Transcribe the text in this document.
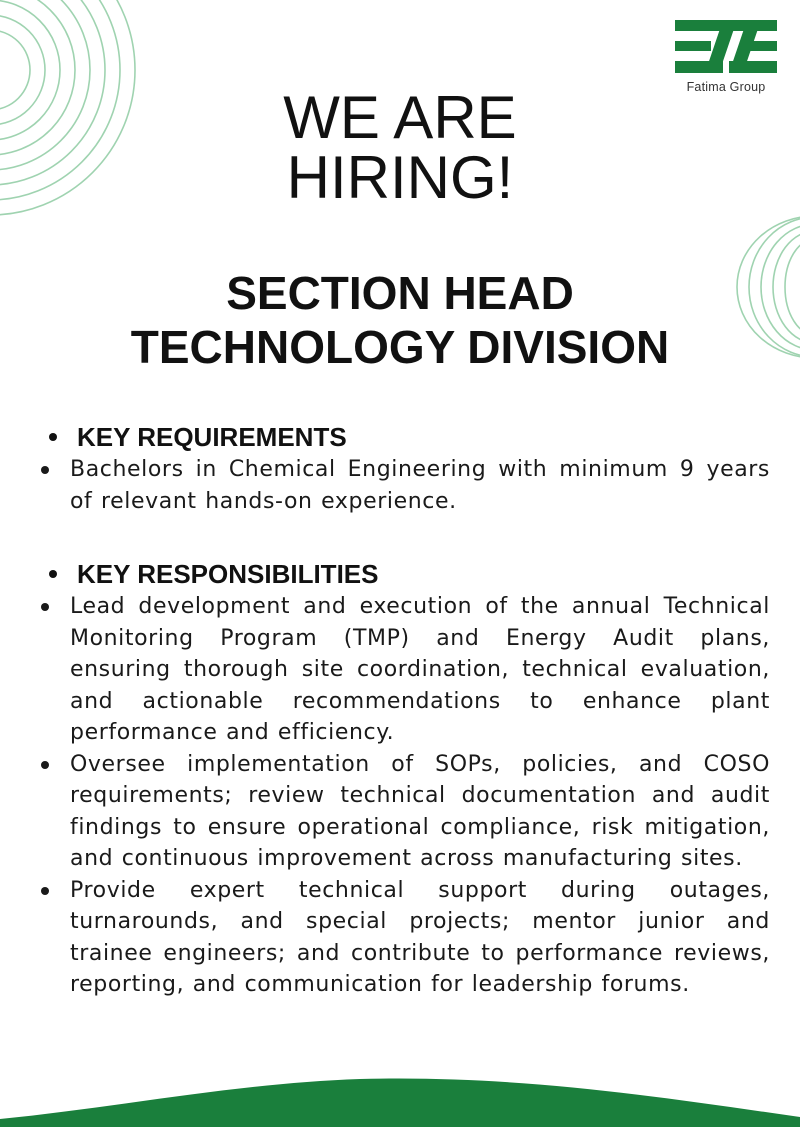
Fatima Group
WE ARE
HIRING!
SECTION HEAD
TECHNOLOGY DIVISION
KEY REQUIREMENTS
Bachelors in Chemical Engineering with minimum 9 years of relevant hands-on experience.
KEY RESPONSIBILITIES
Lead development and execution of the annual Technical Monitoring Program (TMP) and Energy Audit plans, ensuring thorough site coordination, technical evaluation, and actionable recommendations to enhance plant performance and efficiency.
Oversee implementation of SOPs, policies, and COSO requirements; review technical documentation and audit findings to ensure operational compliance, risk mitigation, and continuous improvement across manufacturing sites.
Provide expert technical support during outages, turnarounds, and special projects; mentor junior and trainee engineers; and contribute to performance reviews, reporting, and communication for leadership forums.
